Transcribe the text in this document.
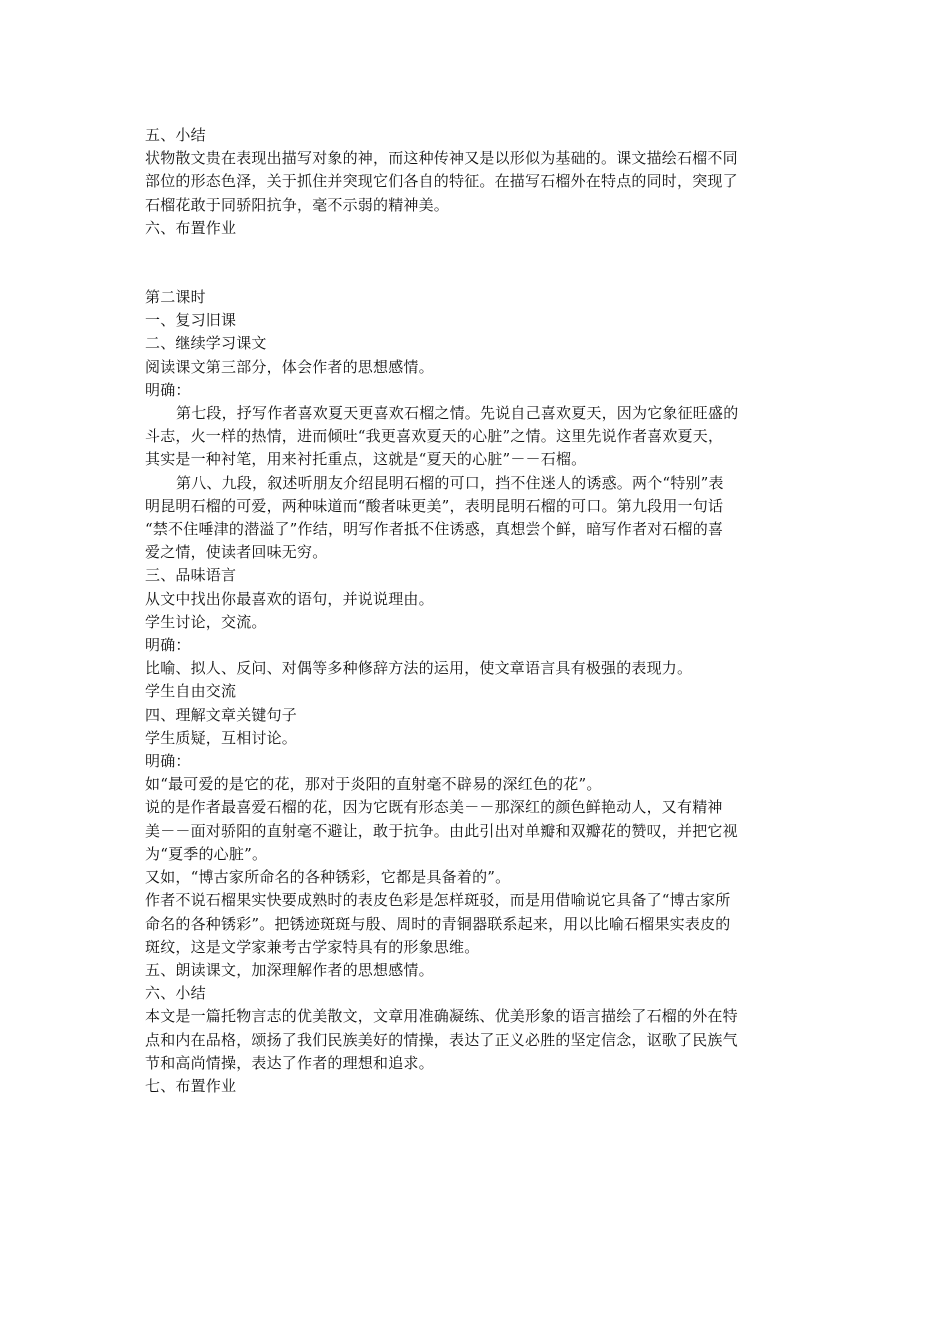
五、小结
状物散文贵在表现出描写对象的神，而这种传神又是以形似为基础的。课文描绘石榴不同
部位的形态色泽，关于抓住并突现它们各自的特征。在描写石榴外在特点的同时，突现了
石榴花敢于同骄阳抗争，毫不示弱的精神美。
六、布置作业
第二课时
一、复习旧课
二、继续学习课文
阅读课文第三部分，体会作者的思想感情。
明确：
第七段，抒写作者喜欢夏天更喜欢石榴之情。先说自己喜欢夏天，因为它象征旺盛的
斗志，火一样的热情，进而倾吐“我更喜欢夏天的心脏”之情。这里先说作者喜欢夏天，
其实是一种衬笔，用来衬托重点，这就是“夏天的心脏”－－石榴。
第八、九段，叙述听朋友介绍昆明石榴的可口，挡不住迷人的诱惑。两个“特别”表
明昆明石榴的可爱，两种味道而“酸者味更美”，表明昆明石榴的可口。第九段用一句话
“禁不住唾津的潜溢了”作结，明写作者抵不住诱惑，真想尝个鲜，暗写作者对石榴的喜
爱之情，使读者回味无穷。
三、品味语言
从文中找出你最喜欢的语句，并说说理由。
学生讨论，交流。
明确：
比喻、拟人、反问、对偶等多种修辞方法的运用，使文章语言具有极强的表现力。
学生自由交流
四、理解文章关键句子
学生质疑，互相讨论。
明确：
如“最可爱的是它的花，那对于炎阳的直射毫不辟易的深红色的花”。
说的是作者最喜爱石榴的花，因为它既有形态美－－那深红的颜色鲜艳动人，又有精神
美－－面对骄阳的直射毫不避让，敢于抗争。由此引出对单瓣和双瓣花的赞叹，并把它视
为“夏季的心脏”。
又如，“博古家所命名的各种锈彩，它都是具备着的”。
作者不说石榴果实快要成熟时的表皮色彩是怎样斑驳，而是用借喻说它具备了“博古家所
命名的各种锈彩”。把锈迹斑斑与殷、周时的青铜器联系起来，用以比喻石榴果实表皮的
斑纹，这是文学家兼考古学家特具有的形象思维。
五、朗读课文，加深理解作者的思想感情。
六、小结
本文是一篇托物言志的优美散文，文章用准确凝练、优美形象的语言描绘了石榴的外在特
点和内在品格，颂扬了我们民族美好的情操，表达了正义必胜的坚定信念，讴歌了民族气
节和高尚情操，表达了作者的理想和追求。
七、布置作业
